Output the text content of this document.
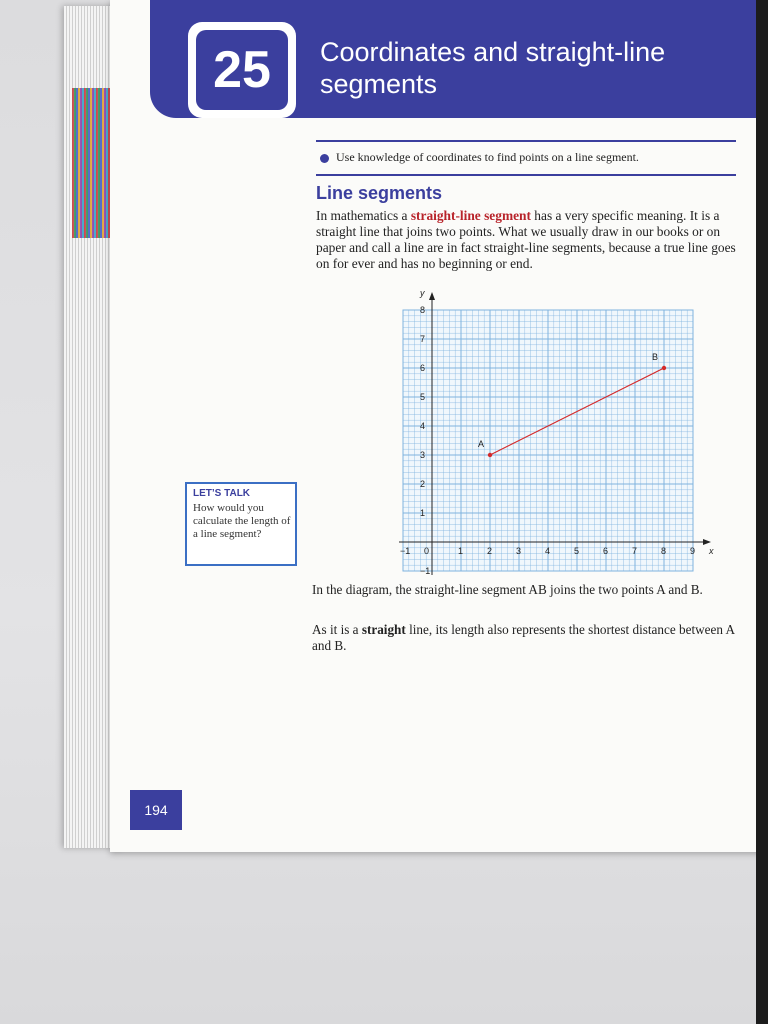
25	Coordinates and straight-line segments
Use knowledge of coordinates to find points on a line segment.
Line segments
In mathematics a straight-line segment has a very specific meaning. It is a straight line that joins two points. What we usually draw in our books or on paper and call a line are in fact straight-line segments, because a true line goes on for ever and has no beginning or end.
−1 0	1	2	3	4	5	6	7	8	9
−1
1
2
3
4
5
6
7
8
x
y
A
B
In the diagram, the straight-line segment AB joins the two points A and B.
As it is a straight line, its length also represents the shortest distance between A and B.
LET’S TALK
How would you calculate the length of a line segment?
194
